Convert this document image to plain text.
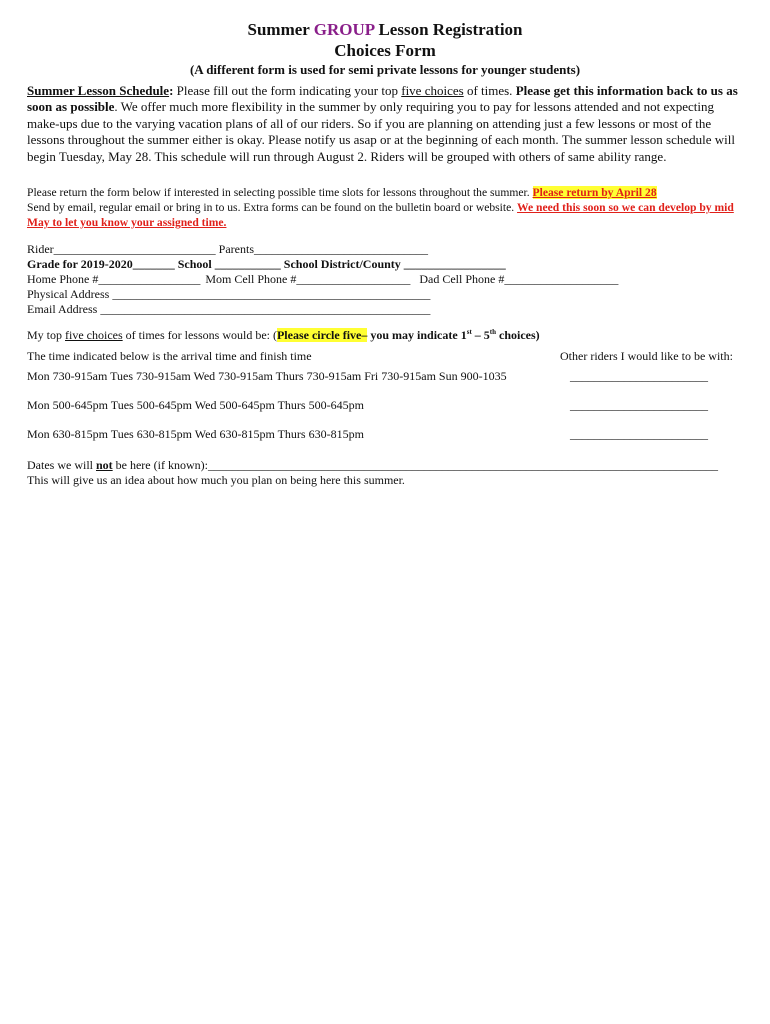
Summer GROUP Lesson Registration
Choices Form
(A different form is used for semi private lessons for younger students)
Summer Lesson Schedule: Please fill out the form indicating your top five choices of times. Please get this information back to us as soon as possible. We offer much more flexibility in the summer by only requiring you to pay for lessons attended and not expecting make-ups due to the varying vacation plans of all of our riders. So if you are planning on attending just a few lessons or most of the lessons throughout the summer either is okay. Please notify us asap or at the beginning of each month. The summer lesson schedule will begin Tuesday, May 28. This schedule will run through August 2. Riders will be grouped with others of same ability range.
Please return the form below if interested in selecting possible time slots for lessons throughout the summer. Please return by April 28
Send by email, regular email or bring in to us. Extra forms can be found on the bulletin board or website. We need this soon so we can develop by mid May to let you know your assigned time.
Rider___________________________ Parents_____________________________
Grade for 2019-2020_______ School ___________ School District/County _________________
Home Phone #_________________ Mom Cell Phone #___________________ Dad Cell Phone #___________________
Physical Address _____________________________________________________
Email Address _______________________________________________________
My top five choices of times for lessons would be: (Please circle five– you may indicate 1st – 5th choices)
The time indicated below is the arrival time and finish time	Other riders I would like to be with:
Mon 730-915am Tues 730-915am Wed 730-915am Thurs 730-915am Fri 730-915am Sun 900-1035	_______________________
Mon 500-645pm Tues 500-645pm Wed 500-645pm Thurs 500-645pm	_______________________
Mon 630-815pm Tues 630-815pm Wed 630-815pm Thurs 630-815pm	_______________________
Dates we will not be here (if known):_____________________________________________________________________________________
This will give us an idea about how much you plan on being here this summer.
